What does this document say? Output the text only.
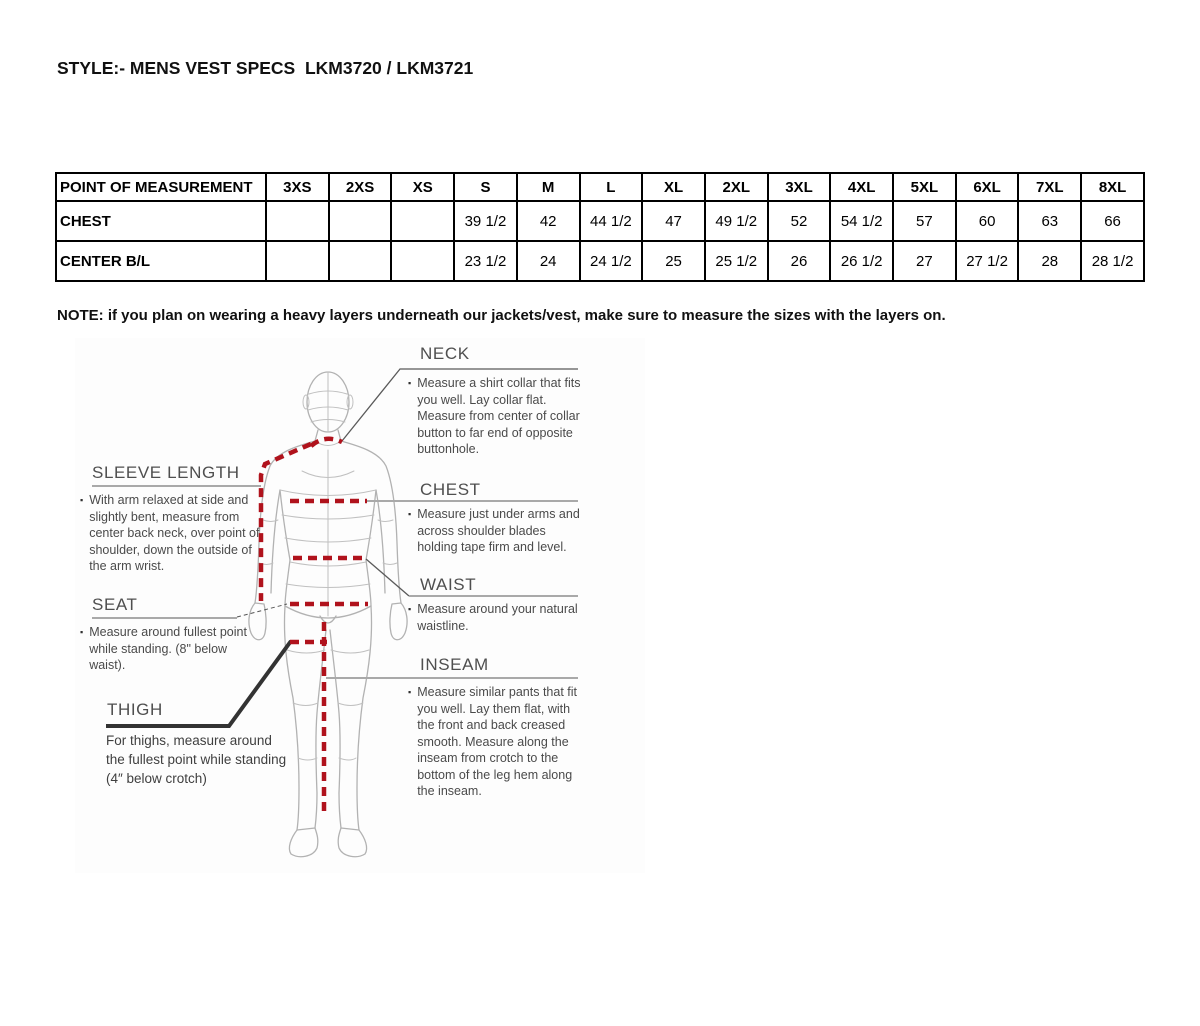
STYLE:- MENS VEST SPECS  LKM3720 / LKM3721
POINT OF MEASUREMENT	3XS	2XS	XS	S	M	L	XL	2XL	3XL	4XL	5XL	6XL	7XL	8XL
CHEST				39 1/2	42	44 1/2	47	49 1/2	52	54 1/2	57	60	63	66
CENTER B/L				23 1/2	24	24 1/2	25	25 1/2	26	26 1/2	27	27 1/2	28	28 1/2

NOTE: if you plan on wearing a heavy layers underneath our jackets/vest, make sure to measure the sizes with the layers on.

NECK

▪ Measure a shirt collar that fits you well. Lay collar flat. Measure from center of collar button to far end of opposite buttonhole.

SLEEVE LENGTH

▪ With arm relaxed at side and slightly bent, measure from center back neck, over point of shoulder, down the outside of the arm wrist.

CHEST

▪ Measure just under arms and across shoulder blades holding tape firm and level.

WAIST

▪ Measure around your natural waistline.

SEAT

▪ Measure around fullest point while standing. (8" below waist).	INSEAM

▪ Measure similar pants that fit you well. Lay them flat, with the front and back creased smooth. Measure along the inseam from crotch to the bottom of the leg hem along the inseam.

THIGH

For thighs, measure around the fullest point while standing (4″ below crotch)
